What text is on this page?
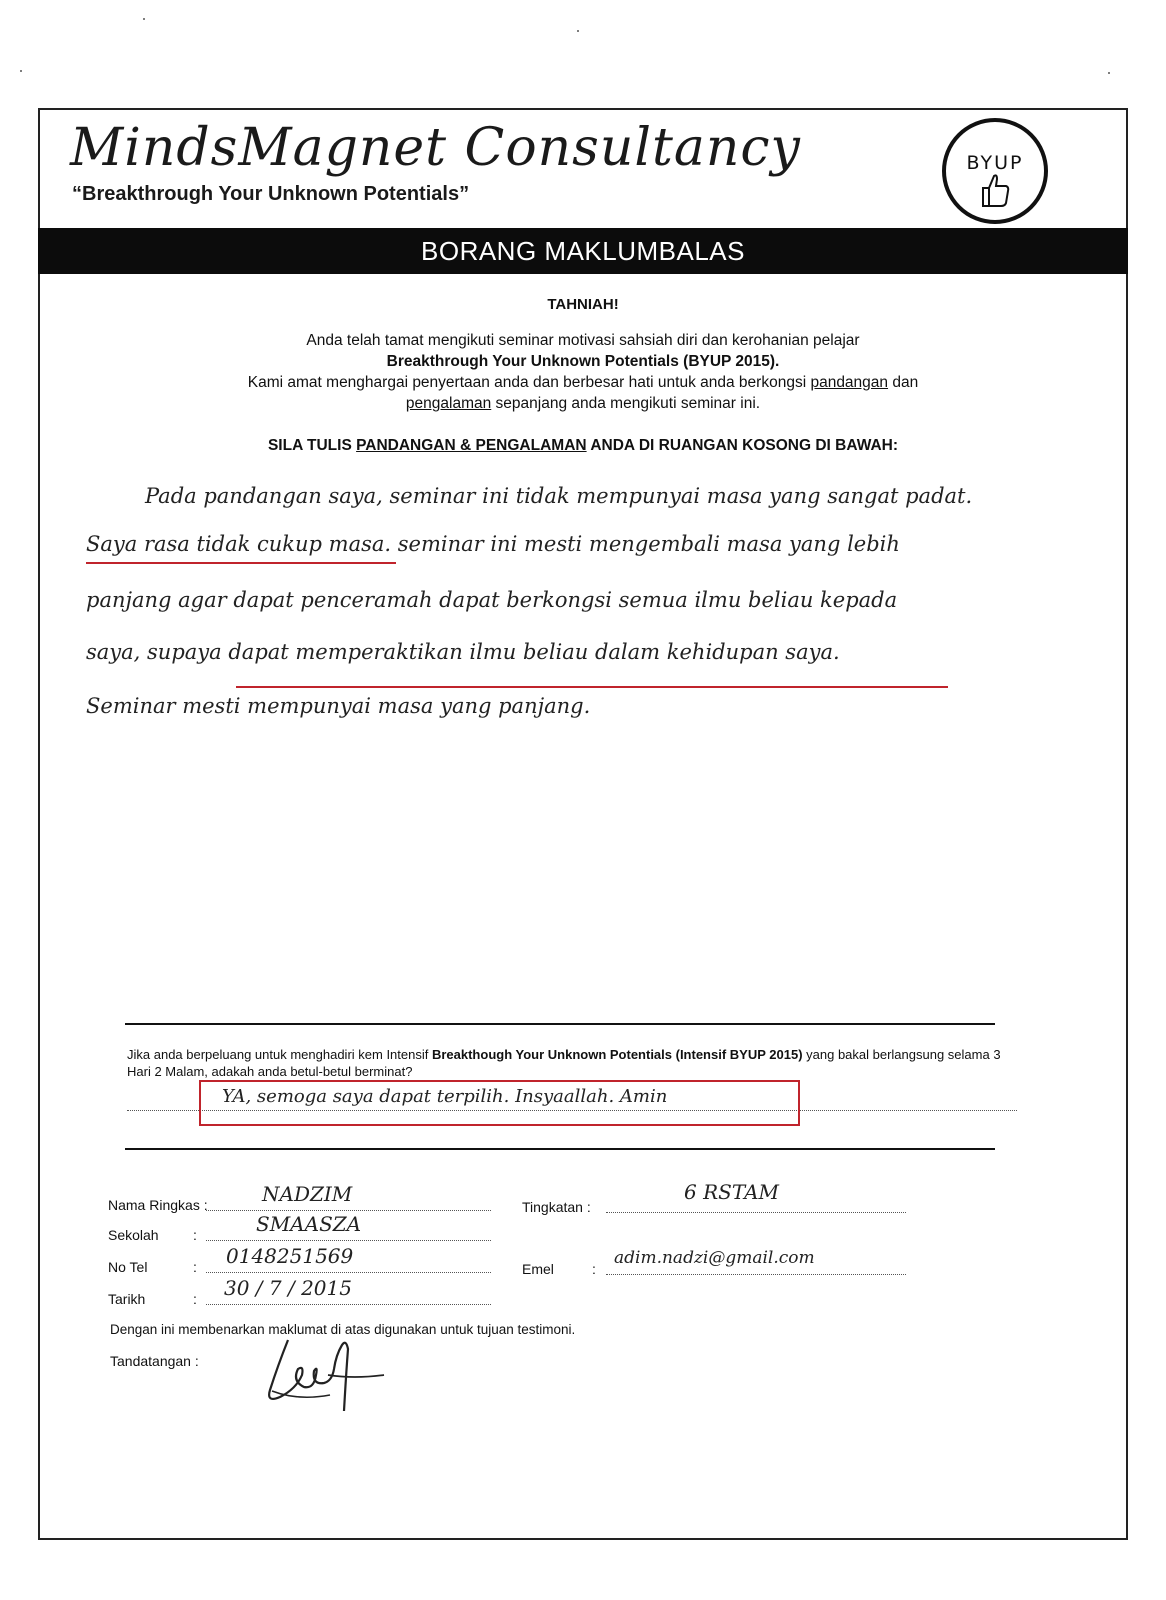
MindsMagnet Consultancy
“Breakthrough Your Unknown Potentials”
BYUP
BORANG MAKLUMBALAS
TAHNIAH!
Anda telah tamat mengikuti seminar motivasi sahsiah diri dan kerohanian pelajar
Breakthrough Your Unknown Potentials (BYUP 2015).
Kami amat menghargai penyertaan anda dan berbesar hati untuk anda berkongsi pandangan dan
pengalaman sepanjang anda mengikuti seminar ini.
SILA TULIS PANDANGAN & PENGALAMAN ANDA DI RUANGAN KOSONG DI BAWAH:
Pada pandangan saya, seminar ini tidak mempunyai masa yang sangat padat.
Saya rasa tidak cukup masa. seminar ini mesti mengembali masa yang lebih
panjang agar dapat penceramah dapat berkongsi semua ilmu beliau kepada
saya, supaya dapat memperaktikan ilmu beliau dalam kehidupan saya.
Seminar mesti mempunyai masa yang panjang.
Jika anda berpeluang untuk menghadiri kem Intensif Breakthough Your Unknown Potentials (Intensif BYUP 2015) yang bakal berlangsung selama 3 Hari 2 Malam, adakah anda betul-betul berminat?
YA, semoga saya dapat terpilih. Insyaallah. Amin
Nama Ringkas :	NADZIM
Tingkatan :
6 RSTAM
Sekolah :	SMAASZA
No Tel	: 0148251569
Emel	:
adim.nadzi@gmail.com
Tarikh	: 30 / 7 / 2015
Dengan ini membenarkan maklumat di atas digunakan untuk tujuan testimoni.
Tandatangan :
